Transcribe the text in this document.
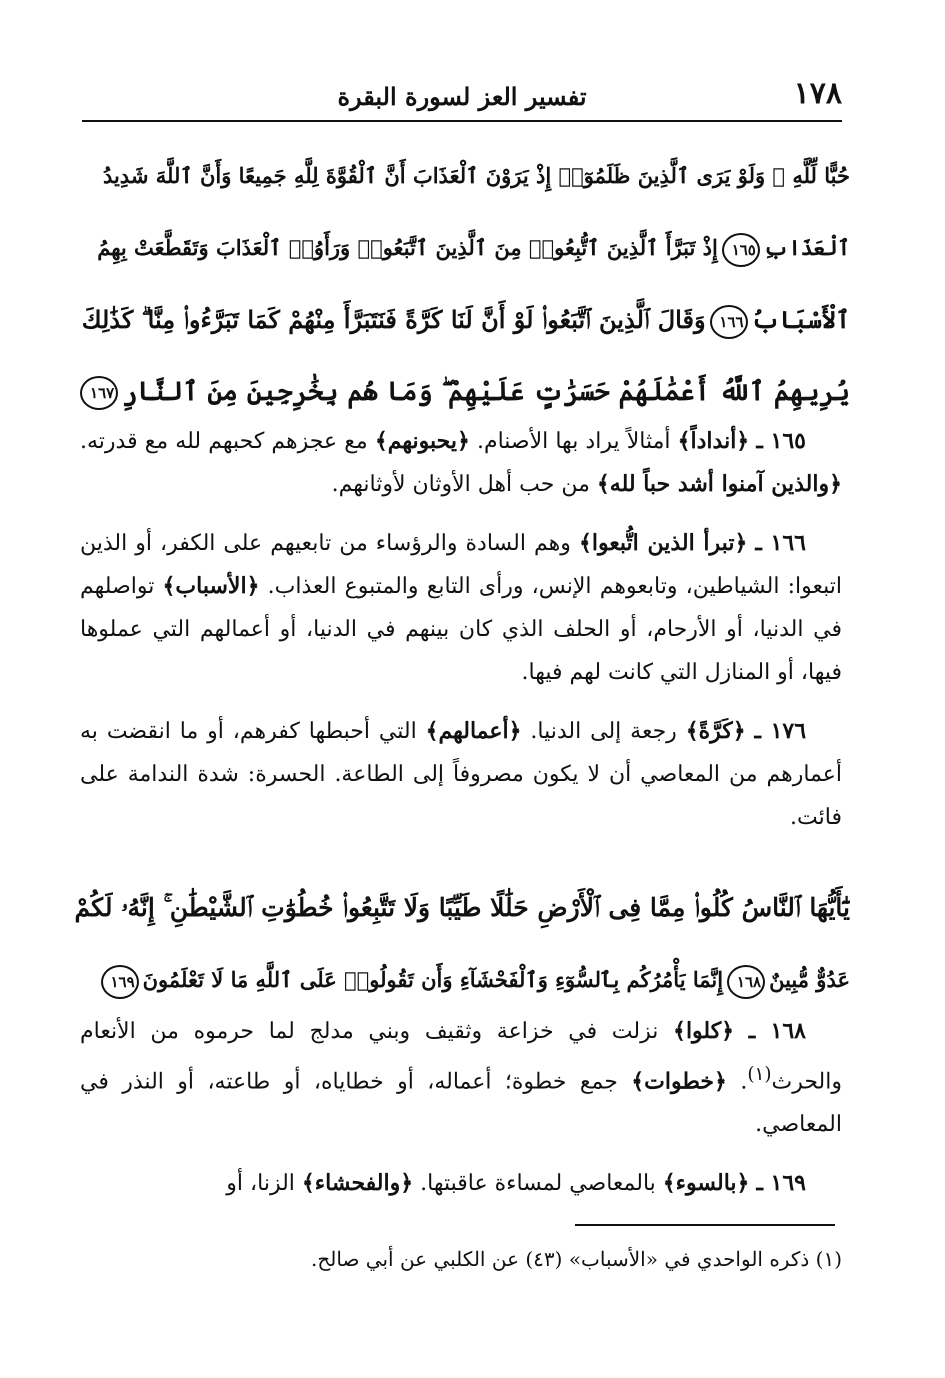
١٧٨
تفسير العز لسورة البقرة
حُبًّا لِّلَّهِ ۗ وَلَوْ يَرَى ٱلَّذِينَ ظَلَمُوٓا۟ إِذْ يَرَوْنَ ٱلْعَذَابَ أَنَّ ٱلْقُوَّةَ لِلَّهِ جَمِيعًا وَأَنَّ ٱللَّهَ شَدِيدُ
ٱلْعَذَابِ١٦٥إِذْ تَبَرَّأَ ٱلَّذِينَ ٱتُّبِعُوا۟ مِنَ ٱلَّذِينَ ٱتَّبَعُوا۟ وَرَأَوُا۟ ٱلْعَذَابَ وَتَقَطَّعَتْ بِهِمُ
ٱلْأَسْبَابُ١٦٦وَقَالَ ٱلَّذِينَ ٱتَّبَعُوا۟ لَوْ أَنَّ لَنَا كَرَّةً فَنَتَبَرَّأَ مِنْهُمْ كَمَا تَبَرَّءُوا۟ مِنَّا ۗ كَذَٰلِكَ
يُرِيهِمُ ٱللَّهُ أَعْمَٰلَهُمْ حَسَرَٰتٍ عَلَيْهِمْ ۖ وَمَا هُم بِخَٰرِجِينَ مِنَ ٱلنَّارِ١٦٧

١٦٥ ـ ﴿أنداداً﴾ أمثالاً يراد بها الأصنام. ﴿يحبونهم﴾ مع عجزهم كحبهم لله مع قدرته. ﴿والذين آمنوا أشد حباً لله﴾ من حب أهل الأوثان لأوثانهم.

١٦٦ ـ ﴿تبرأ الذين اتُّبعوا﴾ وهم السادة والرؤساء من تابعيهم على الكفر، أو الذين اتبعوا: الشياطين، وتابعوهم الإنس، ورأى التابع والمتبوع العذاب. ﴿الأسباب﴾ تواصلهم في الدنيا، أو الأرحام، أو الحلف الذي كان بينهم في الدنيا، أو أعمالهم التي عملوها فيها، أو المنازل التي كانت لهم فيها.

١٧٦ ـ ﴿كَرَّةً﴾ رجعة إلى الدنيا. ﴿أعمالهم﴾ التي أحبطها كفرهم، أو ما انقضت به أعمارهم من المعاصي أن لا يكون مصروفاً إلى الطاعة. الحسرة: شدة الندامة على فائت.

يَٰٓأَيُّهَا ٱلنَّاسُ كُلُوا۟ مِمَّا فِى ٱلْأَرْضِ حَلَٰلًا طَيِّبًا وَلَا تَتَّبِعُوا۟ خُطُوَٰتِ ٱلشَّيْطَٰنِ ۚ إِنَّهُۥ لَكُمْ
عَدُوٌّ مُّبِينٌ١٦٨إِنَّمَا يَأْمُرُكُم بِٱلسُّوٓءِ وَٱلْفَحْشَآءِ وَأَن تَقُولُوا۟ عَلَى ٱللَّهِ مَا لَا تَعْلَمُونَ١٦٩

١٦٨ ـ ﴿كلوا﴾ نزلت في خزاعة وثقيف وبني مدلج لما حرموه من الأنعام والحرث$^{(١)}$. ﴿خطوات﴾ جمع خطوة؛ أعماله، أو خطاياه، أو طاعته، أو النذر في المعاصي.

١٦٩ ـ ﴿بالسوء﴾ بالمعاصي لمساءة عاقبتها. ﴿والفحشاء﴾ الزنا، أو

(١) ذكره الواحدي في «الأسباب» (٤٣) عن الكلبي عن أبي صالح.
